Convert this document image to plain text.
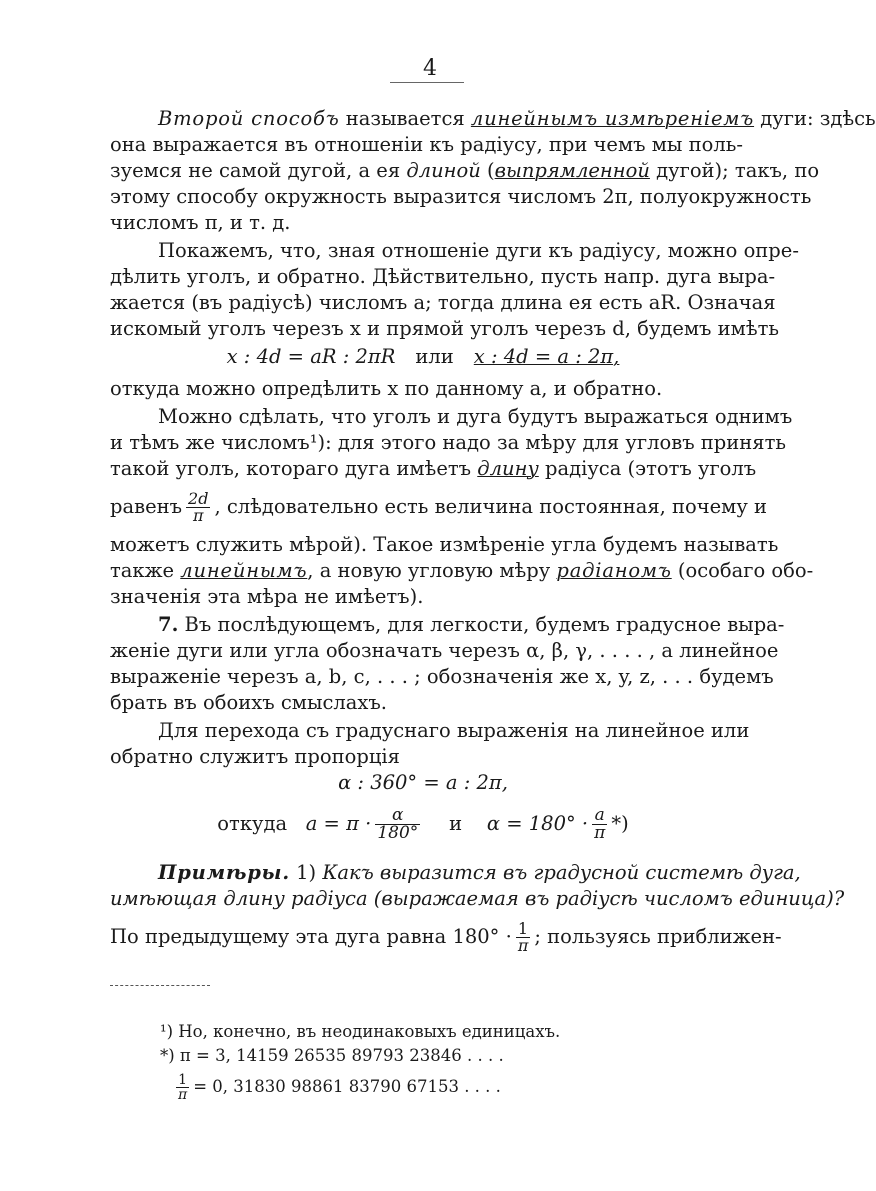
4
Второй способъ называется линейнымъ измѣреніемъ дуги: здѣсь
она выражается въ отношеніи къ радіусу, при чемъ мы поль-
зуемся не самой дугой, а ея длиной (выпрямленной дугой); такъ, по
этому способу окружность выразится числомъ 2π, полуокружность
числомъ π, и т. д.
Покажемъ, что, зная отношеніе дуги къ радіусу, можно опре-
дѣлить уголъ, и обратно. Дѣйствительно, пусть напр. дуга выра-
жается (въ радіусѣ) числомъ a; тогда длина ея есть aR. Означая
искомый уголъ черезъ x и прямой уголъ черезъ d, будемъ имѣть
x : 4d = aR : 2πR или x : 4d = a : 2π,
откуда можно опредѣлить x по данному a, и обратно.
Можно сдѣлать, что уголъ и дуга будутъ выражаться однимъ
и тѣмъ же числомъ¹): для этого надо за мѣру для угловъ принять
такой уголъ, котораго дуга имѣетъ длину радіуса (этотъ уголъ
равенъ $\frac{2d}{\pi}$ , слѣдовательно есть величина постоянная, почему и
можетъ служить мѣрой). Такое измѣреніе угла будемъ называть
также линейнымъ, а новую угловую мѣру радіаномъ (особаго обо-
значенія эта мѣра не имѣетъ).
7. Въ послѣдующемъ, для легкости, будемъ градусное выра-
женіе дуги или угла обозначать черезъ α, β, γ, . . . . , а линейное
выраженіе черезъ a, b, c, . . . ; обозначенія же x, y, z, . . . будемъ
брать въ обоихъ смыслахъ.
Для перехода съ градуснаго выраженія на линейное или
обратно служитъ пропорція
α : 360° = a : 2π,
откуда $a = \pi \cdot \frac{\alpha}{180^\circ}$ и $\alpha = 180^\circ \cdot \frac{a}{\pi}$ *)
Примѣры. 1) Какъ выразится въ градусной системѣ дуга,
имѣющая длину радіуса (выражаемая въ радіусѣ числомъ единица)?
По предыдущему эта дуга равна $180^\circ \cdot \frac{1}{\pi}$ ; пользуясь приближен-
¹) Но, конечно, въ неодинаковыхъ единицахъ.
*) π = 3, 14159 26535 89793 23846 . . . .
$\frac{1}{\pi} = 0$, 31830 98861 83790 67153 . . . .
